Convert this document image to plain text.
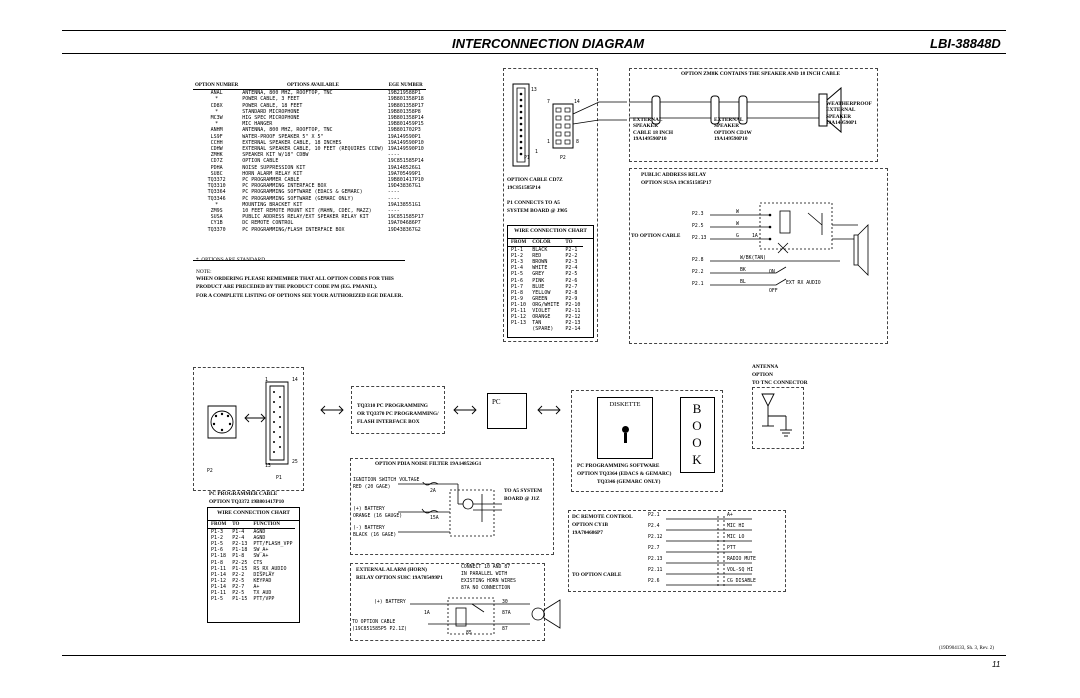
INTERCONNECTION DIAGRAM	LBI-38848D
OPTION NUMBER	OPTIONS AVAILABLE	EGE NUMBER
ANAL	ANTENNA, 800 MHZ, ROOFTOP, TNC	19B219588P1
*	POWER CABLE, 3 FEET	19B801358P18
CD8X	POWER CABLE, 18 FEET	19B801358P17
*	STANDARD MICROPHONE	19B801358P8
MC3W	HIG SPEC MICROPHONE	19B801358P14
*	MIC HANGER	19B801459P15
ANHM	ANTENNA, 800 MHZ, ROOFTOP, TNC	19B801702P3
LS9F	WATER-PROOF SPEAKER 5" X 5"	19A149590P1
CCHH	EXTERNAL SPEAKER CABLE, 18 INCHES	19A149590P10
CDHW	EXTERNAL SPEAKER CABLE, 10 FEET (REQUIRES CCDW)	19A149590P10
ZMHK	SPEAKER KIT W/18" CDBW	----
CD7Z	OPTION CABLE	19C851585P14
PDHA	NOISE SUPPRESSION KIT	19A148526G1
SU8C	HORN ALARM RELAY KIT	19A705499P1
TQ3372	PC PROGRAMMER CABLE	19B801417P10
TQ3310	PC PROGRAMMING INTERFACE BOX	19D438367G1
TQ3364	PC PROGRAMMING SOFTWARE (EDACS & GEMARC)	----
TQ3346	PC PROGRAMMING SOFTWARE (GEMARC ONLY)	----
*	MOUNTING BRACKET KIT	19A138551G1
ZM9S	10 FEET REMOTE MOUNT KIT (MAHN, CDEC, MAZZ)	----
SUSA	PUBLIC ADDRESS RELAY/EXT SPEAKER RELAY KIT	19C851585P17
CY1B	DC REMOTE CONTROL	19A704686P7
TQ3370	PC PROGRAMMING/FLASH INTERFACE BOX	19D438367G2
* OPTIONS ARE STANDARD
NOTE:
WHEN ORDERING PLEASE REMEMBER THAT ALL OPTION CODES FOR THIS
PRODUCT ARE PRECEDED BY THE PRODUCT CODE PM (EG. PMANIL).
FOR A COMPLETE LISTING OF OPTIONS SEE YOUR AUTHORIZED EGE DEALER.
13
7	14
1	8
1
P1	P2
OPTION CABLE CD7Z
19C851585P14
P1 CONNECTS TO A5
SYSTEM BOARD @ J905
WIRE CONNECTION CHART
FROM	COLOR	TO
P1-1	BLACK	P2-1
P1-2	RED	P2-2
P1-3	BROWN	P2-3
P1-4	WHITE	P2-4
P1-5	GREY	P2-5
P1-6	PINK	P2-6
P1-7	BLUE	P2-7
P1-8	YELLOW	P2-8
P1-9	GREEN	P2-9
P1-10	ORG/WHITE	P2-10
P1-11	VIOLET	P2-11
P1-12	ORANGE	P2-12
P1-13	TAN	P2-13
	(SPARE)	P2-14
OPTION ZM8K CONTAINS THE SPEAKER AND 18 INCH CABLE
EXTERNAL
SPEAKER
CABLE 18 INCH
19A149590P10
EXTERNAL
SPEAKER
OPTION CD1W
19A149590P10
WEATHERPROOF
EXTERNAL
SPEAKER
19A149590P1
PUBLIC ADDRESS RELAY
OPTION SUSA 19C851585P17
TO OPTION CABLE
P2.3
P2.5
P2.13
P2.8
P2.2
P2.1
W
W
G
W/BK(TAN)
BK
BL
1A
ON
OFF
EXT RX AUDIO
1	14
13
25
P2
P1
TQ3310 PC PROGRAMMING
OR TQ3370 PC PROGRAMMING/
FLASH INTERFACE BOX
PC
PC PROGRAMMER CABLE
OPTION TQ3372 19B801417P10
WIRE CONNECTION CHART
FROM	TO	FUNCTION
P1-3	P1-4	AGND
P1-2	P2-4	AGND
P1-5	P2-13	PTT/FLASH_VPP
P1-6	P1-18	SW_A+
P1-18	P1-8	SW A+
P1-8	P2-25	CTS
P1-11	P1-15	RS_RX_AUDIO
P1-14	P2-2	DISPLAY
P1-12	P2-5	KEYPAD
P1-14	P2-7	A+
P1-11	P2-5	TX AUD
P1-5	P1-15	PTT/VPP
DISKETTE	B
O
O
K
PC PROGRAMMING SOFTWARE
OPTION TQ3364 (EDACS & GEMARC)
TQ3346 (GEMARC ONLY)
ANTENNA
OPTION
TO TNC CONNECTOR
OPTION PDIA NOISE FILTER 19A148526G1
IGNITION SWITCH VOLTAGE
RED (20 GAGE)
(+) BATTERY
ORANGE (16 GAUGE)
(-) BATTERY
BLACK (16 GAGE)
2A
15A
TO A5 SYSTEM
BOARD @ J1Z
EXTERNAL ALARM (HORN)
RELAY OPTION SU8C 19A705499P1
CONNECT 10 AND 87
IN PARALLEL WITH
EXISTING HORN WIRES
87A NO CONNECTION
(+) BATTERY
1A
TO OPTION CABLE
(19C851585P5 P2.1Z)
30
87A
87
85
DC REMOTE CONTROL
OPTION CY1B
19A704686P7
TO OPTION CABLE
P2.1
P2.4
P2.12
P2.7
P2.13
P2.11
P2.6
A+
MIC HI
MIC LO
PTT
RADIO MUTE
VOL-SQ HI
CG DISABLE
(19D904133, Sh. 3, Rev. 2)
11
